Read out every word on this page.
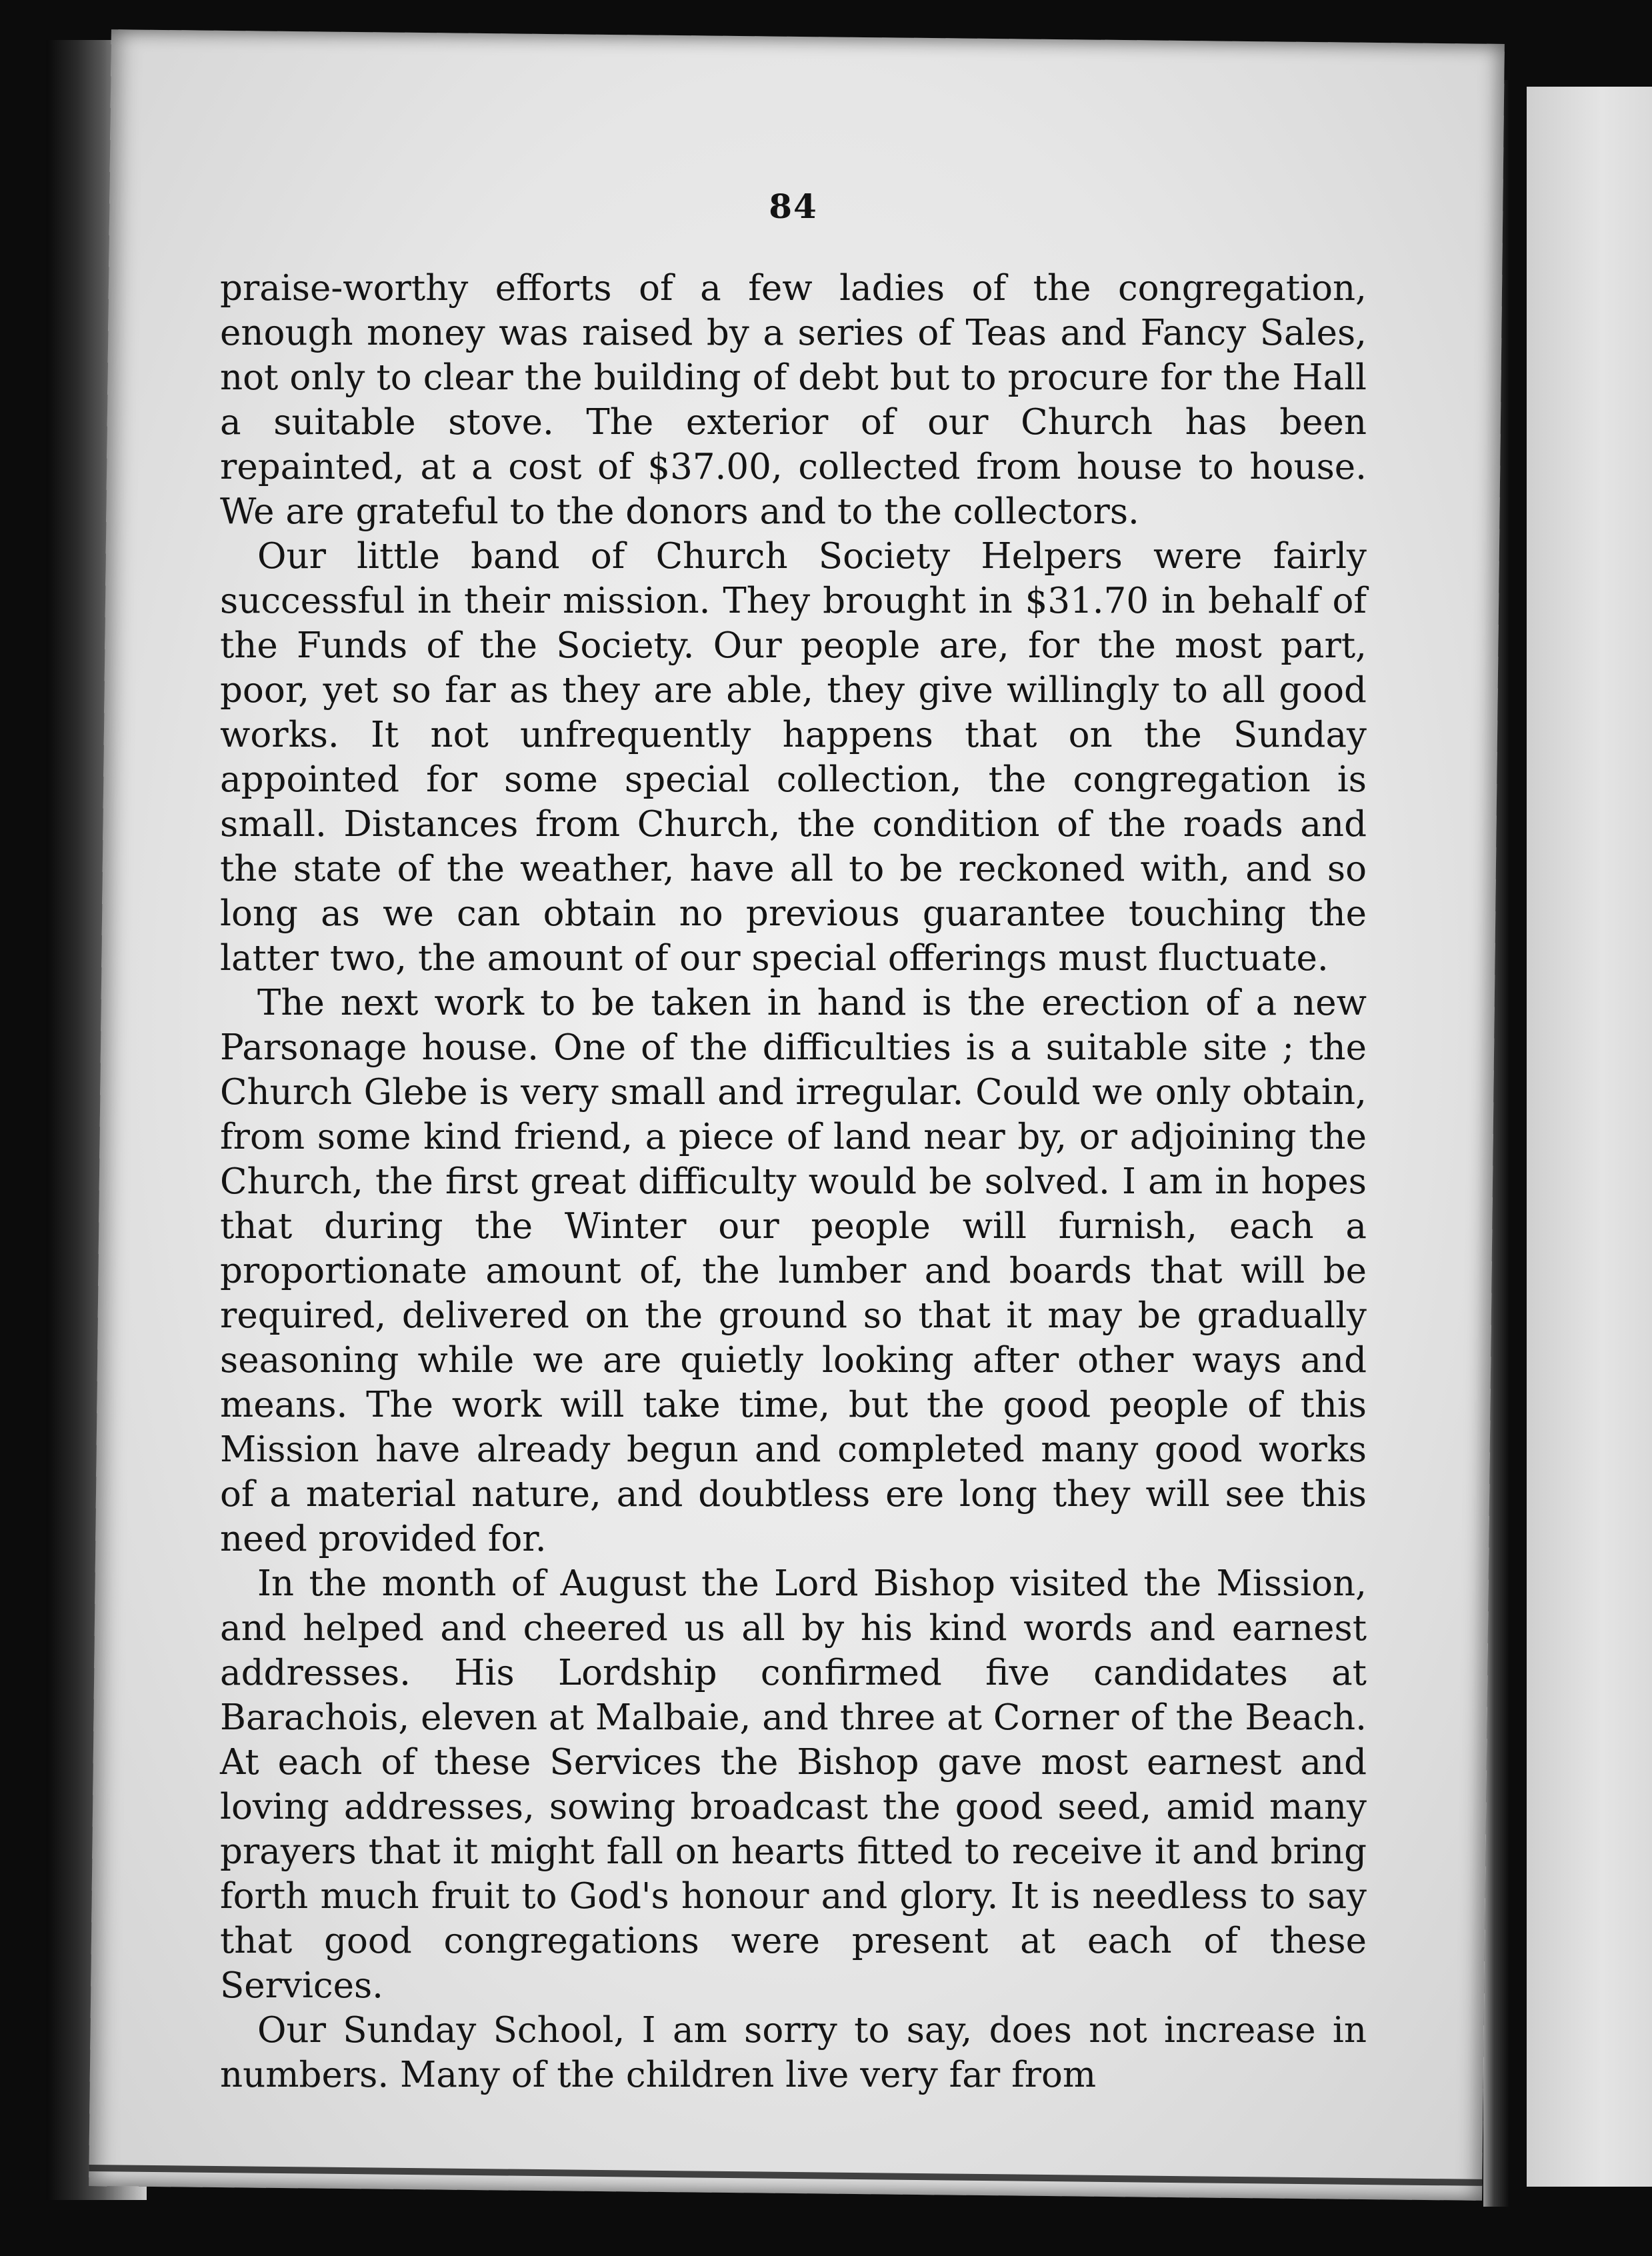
84

praise-worthy efforts of a few ladies of the congregation, enough money was raised by a series of Teas and Fancy Sales, not only to clear the building of debt but to procure for the Hall a suitable stove. The exterior of our Church has been repainted, at a cost of $37.00, collected from house to house. We are grateful to the donors and to the collectors.

Our little band of Church Society Helpers were fairly successful in their mission. They brought in $31.70 in behalf of the Funds of the Society. Our people are, for the most part, poor, yet so far as they are able, they give willingly to all good works. It not unfrequently happens that on the Sunday appointed for some special collection, the congregation is small. Distances from Church, the condition of the roads and the state of the weather, have all to be reckoned with, and so long as we can obtain no previous guarantee touching the latter two, the amount of our special offerings must fluctuate.

The next work to be taken in hand is the erection of a new Parsonage house. One of the difficulties is a suitable site ; the Church Glebe is very small and irregular. Could we only obtain, from some kind friend, a piece of land near by, or adjoining the Church, the first great difficulty would be solved. I am in hopes that during the Winter our people will furnish, each a proportionate amount of, the lumber and boards that will be required, delivered on the ground so that it may be gradually seasoning while we are quietly looking after other ways and means. The work will take time, but the good people of this Mission have already begun and completed many good works of a material nature, and doubtless ere long they will see this need provided for.

In the month of August the Lord Bishop visited the Mission, and helped and cheered us all by his kind words and earnest addresses. His Lordship confirmed five candidates at Barachois, eleven at Malbaie, and three at Corner of the Beach. At each of these Services the Bishop gave most earnest and loving addresses, sowing broadcast the good seed, amid many prayers that it might fall on hearts fitted to receive it and bring forth much fruit to God's honour and glory. It is needless to say that good congregations were present at each of these Services.

Our Sunday School, I am sorry to say, does not increase in numbers. Many of the children live very far from
